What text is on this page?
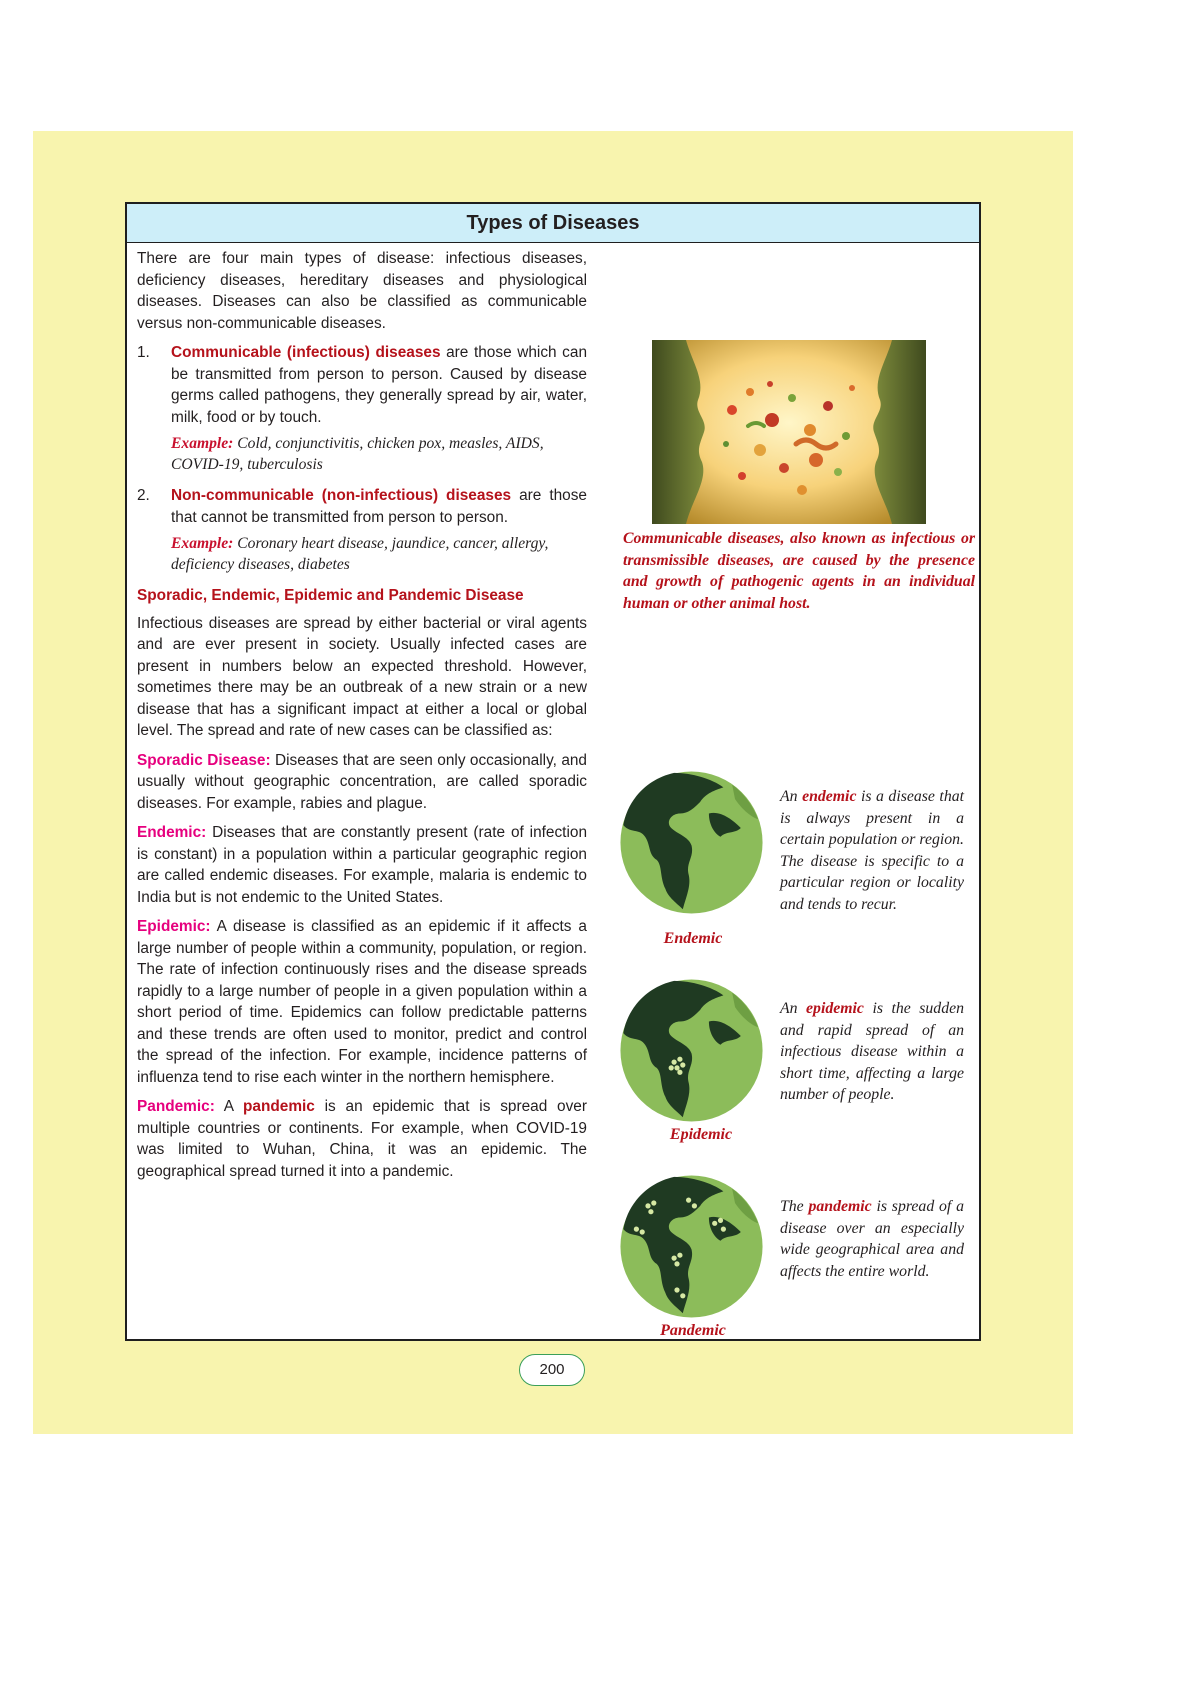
Types of Diseases

There are four main types of disease: infectious diseases, deficiency diseases, hereditary diseases and physiological diseases. Diseases can also be classified as communicable versus non-communicable diseases.

1.	Communicable (infectious) diseases are those which can be transmitted from person to person. Caused by disease germs called pathogens, they generally spread by air, water, milk, food or by touch.

Example: Cold, conjunctivitis, chicken pox, measles, AIDS, COVID-19, tuberculosis

2.	Non-communicable (non-infectious) diseases are those that cannot be transmitted from person to person.

Example: Coronary heart disease, jaundice, cancer, allergy, deficiency diseases, diabetes

Sporadic, Endemic, Epidemic and Pandemic Disease

Infectious diseases are spread by either bacterial or viral agents and are ever present in society. Usually infected cases are present in numbers below an expected threshold. However, sometimes there may be an outbreak of a new strain or a new disease that has a significant impact at either a local or global level. The spread and rate of new cases can be classified as:

Sporadic Disease: Diseases that are seen only occasionally, and usually without geographic concentration, are called sporadic diseases. For example, rabies and plague.

Endemic: Diseases that are constantly present (rate of infection is constant) in a population within a particular geographic region are called endemic diseases. For example, malaria is endemic to India but is not endemic to the United States.

Epidemic: A disease is classified as an epidemic if it affects a large number of people within a community, population, or region. The rate of infection continuously rises and the disease spreads rapidly to a large number of people in a given population within a short period of time. Epidemics can follow predictable patterns and these trends are often used to monitor, predict and control the spread of the infection. For example, incidence patterns of influenza tend to rise each winter in the northern hemisphere.

Pandemic: A pandemic is an epidemic that is spread over multiple countries or continents. For example, when COVID-19 was limited to Wuhan, China, it was an epidemic. The geographical spread turned it into a pandemic.

Communicable diseases, also known as infectious or transmissible diseases, are caused by the presence and growth of pathogenic agents in an individual human or other animal host.

Endemic

An endemic is a disease that is always present in a certain population or region. The disease is specific to a particular region or locality and tends to recur.

Epidemic

An epidemic is the sudden and rapid spread of an infectious disease within a short time, affecting a large number of people.

Pandemic

The pandemic is spread of a disease over an especially wide geographical area and affects the entire world.

200
